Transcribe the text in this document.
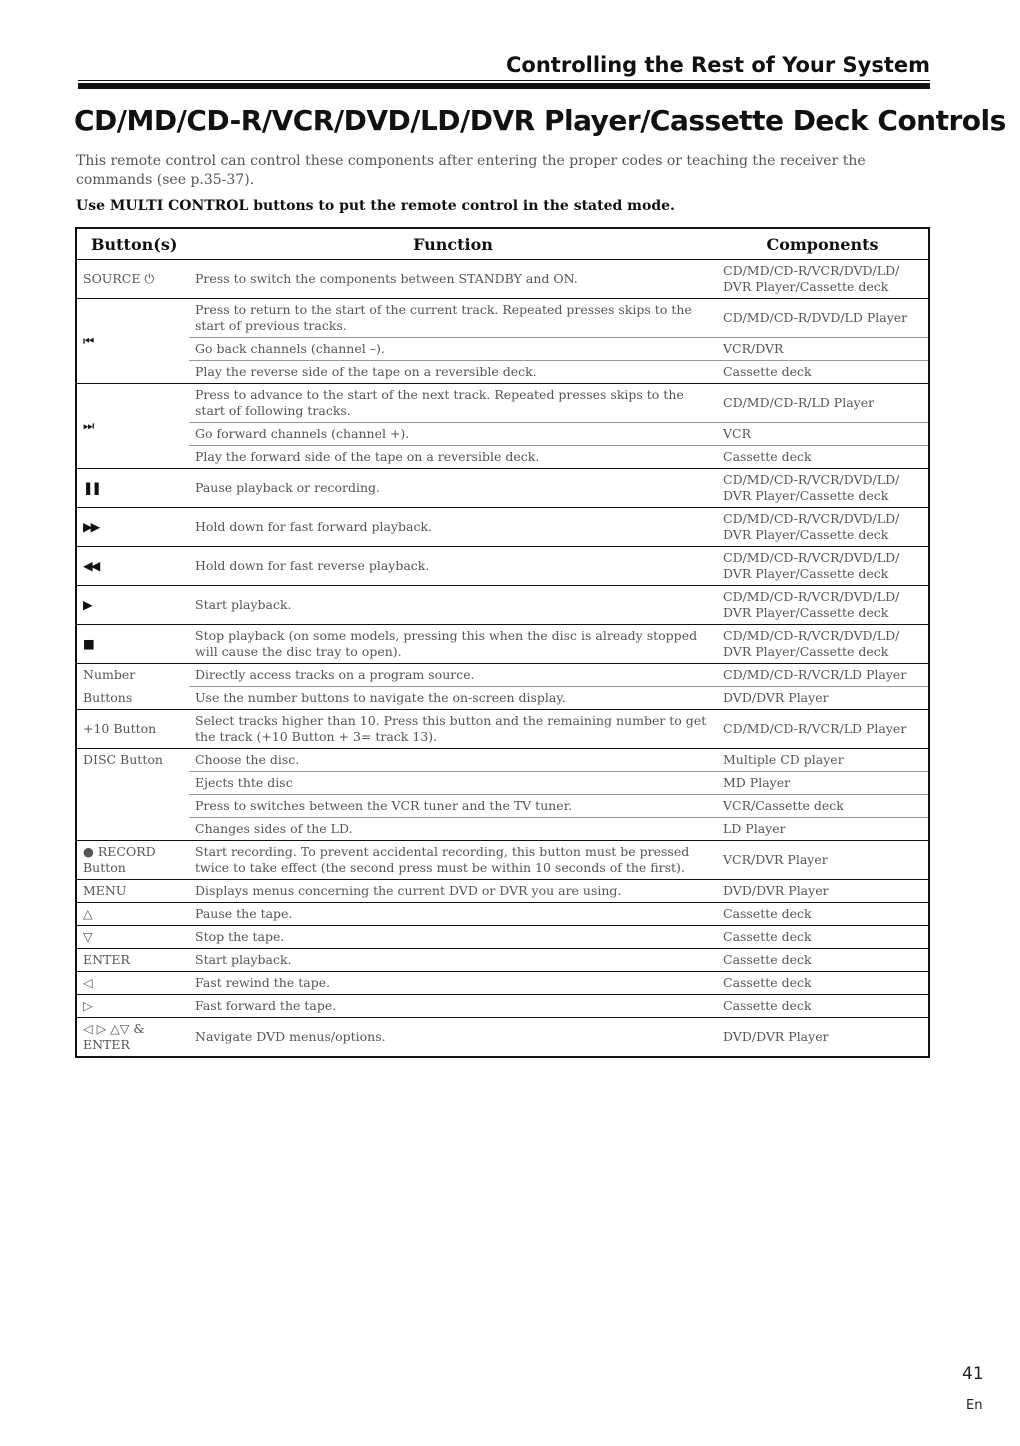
Controlling the Rest of Your System
CD/MD/CD-R/VCR/DVD/LD/DVR Player/Cassette Deck Controls
This remote control can control these components after entering the proper codes or teaching the receiver the commands (see p.35-37).
Use MULTI CONTROL buttons to put the remote control in the stated mode.
Button(s)	Function	Components
SOURCE ⏻	Press to switch the components between STANDBY and ON.	CD/MD/CD-R/VCR/DVD/LD/ DVR Player/Cassette deck
⏮	Press to return to the start of the current track. Repeated presses skips to the start of previous tracks.	CD/MD/CD-R/DVD/LD Player
	Go back channels (channel –).	VCR/DVR
	Play the reverse side of the tape on a reversible deck.	Cassette deck
⏭	Press to advance to the start of the next track. Repeated presses skips to the start of following tracks.	CD/MD/CD-R/LD Player
	Go forward channels (channel +).	VCR
	Play the forward side of the tape on a reversible deck.	Cassette deck
❚❚	Pause playback or recording.	CD/MD/CD-R/VCR/DVD/LD/ DVR Player/Cassette deck
▶▶	Hold down for fast forward playback.	CD/MD/CD-R/VCR/DVD/LD/ DVR Player/Cassette deck
◀◀	Hold down for fast reverse playback.	CD/MD/CD-R/VCR/DVD/LD/ DVR Player/Cassette deck
▶	Start playback.	CD/MD/CD-R/VCR/DVD/LD/ DVR Player/Cassette deck
■	Stop playback (on some models, pressing this when the disc is already stopped will cause the disc tray to open).	CD/MD/CD-R/VCR/DVD/LD/ DVR Player/Cassette deck
Number	Directly access tracks on a program source.	CD/MD/CD-R/VCR/LD Player
Buttons	Use the number buttons to navigate the on-screen display.	DVD/DVR Player
+10 Button	Select tracks higher than 10. Press this button and the remaining number to get the track (+10 Button + 3= track 13).	CD/MD/CD-R/VCR/LD Player
DISC Button	Choose the disc.	Multiple CD player
	Ejects thte disc	MD Player
	Press to switches between the VCR tuner and the TV tuner.	VCR/Cassette deck
	Changes sides of the LD.	LD Player
● RECORD Button	Start recording. To prevent accidental recording, this button must be pressed twice to take effect (the second press must be within 10 seconds of the first).	VCR/DVR Player
MENU	Displays menus concerning the current DVD or DVR you are using.	DVD/DVR Player
△	Pause the tape.	Cassette deck
▽	Stop the tape.	Cassette deck
ENTER	Start playback.	Cassette deck
◁	Fast rewind the tape.	Cassette deck
▷	Fast forward the tape.	Cassette deck
◁ ▷ △▽ & ENTER	Navigate DVD menus/options.	DVD/DVR Player
41
En
